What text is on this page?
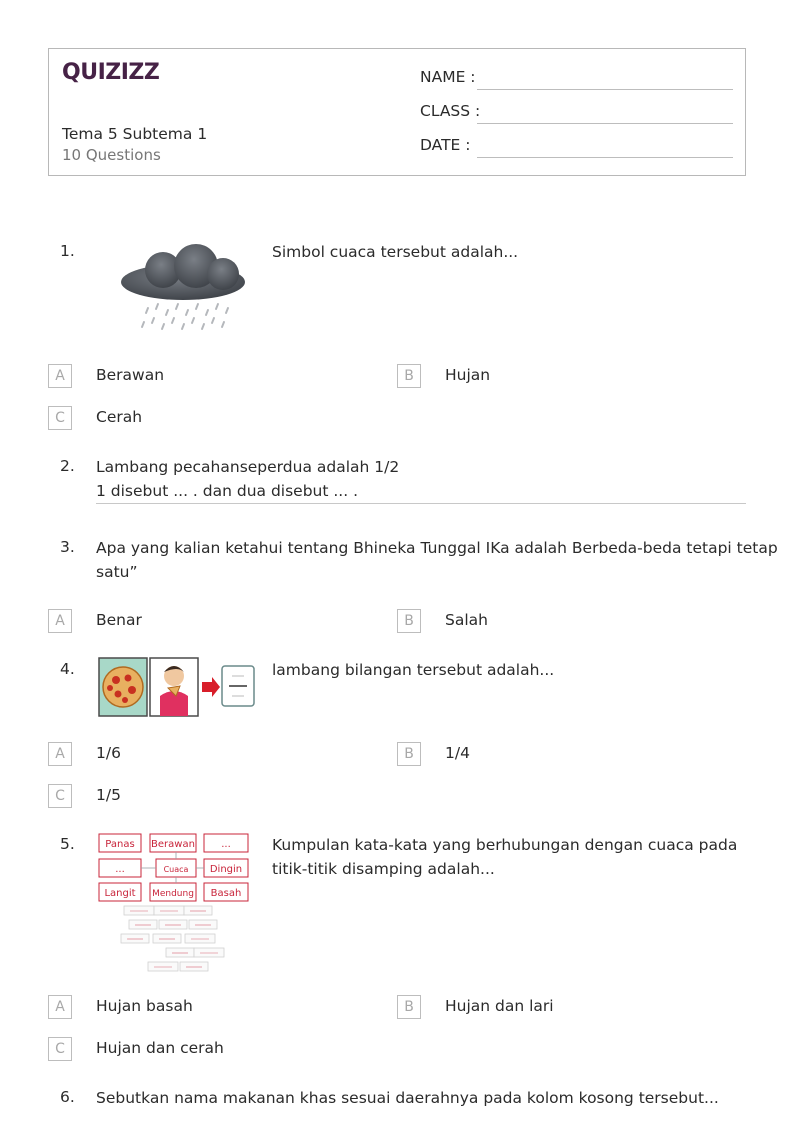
QUIZIZZ
Tema 5 Subtema 1
10 Questions
NAME :
CLASS :
DATE :
1.	Simbol cuaca tersebut adalah...
A	Berawan	B	Hujan
C	Cerah
2. Lambang pecahanseperdua adalah 1/2
1 disebut ... . dan dua disebut ... .
3. Apa yang kalian ketahui tentang Bhineka Tunggal IKa adalah Berbeda-beda tetapi tetap
satu”
A	Benar	B	Salah
4.	lambang bilangan tersebut adalah...
A	1/6	B	1/4
C	1/5
5.	Panas Berawan	...
...	Cuaca Dingin
Langit Mendung Basah
Kumpulan kata-kata yang berhubungan dengan cuaca pada
titik-titik disamping adalah...
A	Hujan basah	B	Hujan dan lari
C	Hujan dan cerah
6. Sebutkan nama makanan khas sesuai daerahnya pada kolom kosong tersebut...
